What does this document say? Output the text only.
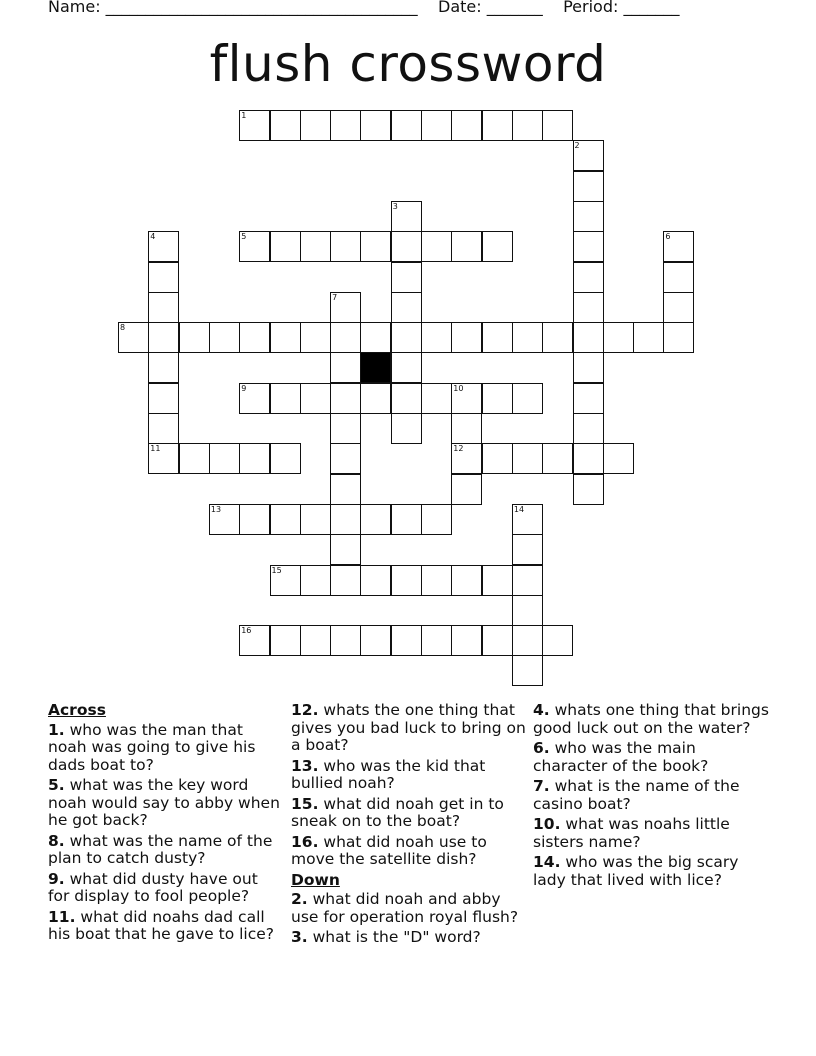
Name: _______________________________________    Date: _______    Period: _______
flush crossword
1
2
3
4	5	6
7
8
9	10
11	12
13	14
15
16
Across
1. who was the man that noah was going to give his dads boat to?
5. what was the key word noah would say to abby when he got back?
8. what was the name of the plan to catch dusty?
9. what did dusty have out for display to fool people?
11. what did noahs dad call his boat that he gave to lice?
12. whats the one thing that gives you bad luck to bring on a boat?
13. who was the kid that bullied noah?
15. what did noah get in to sneak on to the boat?
16. what did noah use to move the satellite dish?
Down
2. what did noah and abby use for operation royal flush?
3. what is the "D" word?
4. whats one thing that brings good luck out on the water?
6. who was the main character of the book?
7. what is the name of the casino boat?
10. what was noahs little sisters name?
14. who was the big scary lady that lived with lice?
